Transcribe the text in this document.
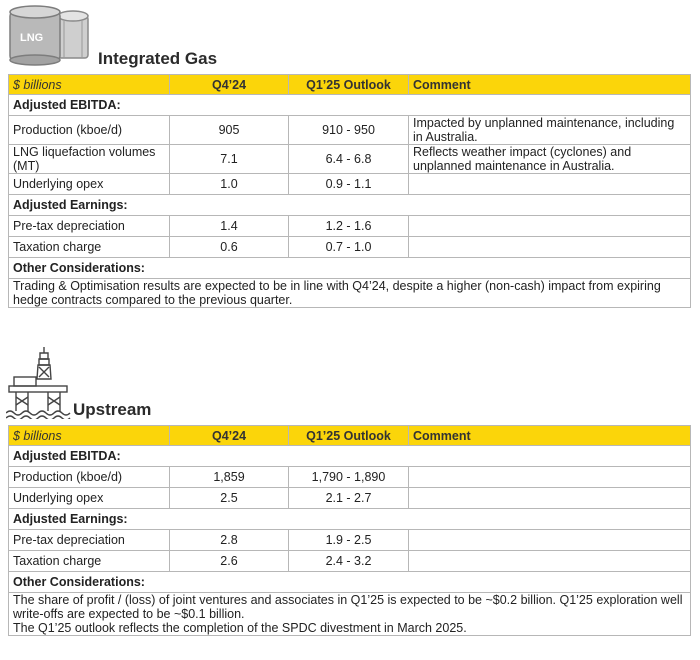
LNG
Integrated Gas
$ billions	Q4’24	Q1’25 Outlook	Comment
Adjusted EBITDA:			
Production (kboe/d)	905	910 - 950	Impacted by unplanned maintenance, including in Australia.
LNG liquefaction volumes (MT)	7.1	6.4 - 6.8	Reflects weather impact (cyclones) and unplanned maintenance in Australia.
Underlying opex	1.0	0.9 - 1.1	
Adjusted Earnings:			
Pre-tax depreciation	1.4	1.2 - 1.6	
Taxation charge	0.6	0.7 - 1.0	
Other Considerations:			
Trading & Optimisation results are expected to be in line with Q4’24, despite a higher (non-cash) impact from expiring hedge contracts compared to the previous quarter.			
Upstream
$ billions	Q4’24	Q1’25 Outlook	Comment
Adjusted EBITDA:			
Production (kboe/d)	1,859	1,790 - 1,890	
Underlying opex	2.5	2.1 - 2.7	
Adjusted Earnings:			
Pre-tax depreciation	2.8	1.9 - 2.5	
Taxation charge	2.6	2.4 - 3.2	
Other Considerations:			

The share of profit / (loss) of joint ventures and associates in Q1’25 is expected to be ~$0.2 billion. Q1’25 exploration well write-offs are expected to be ~$0.1 billion.
The Q1’25 outlook reflects the completion of the SPDC divestment in March 2025.			
